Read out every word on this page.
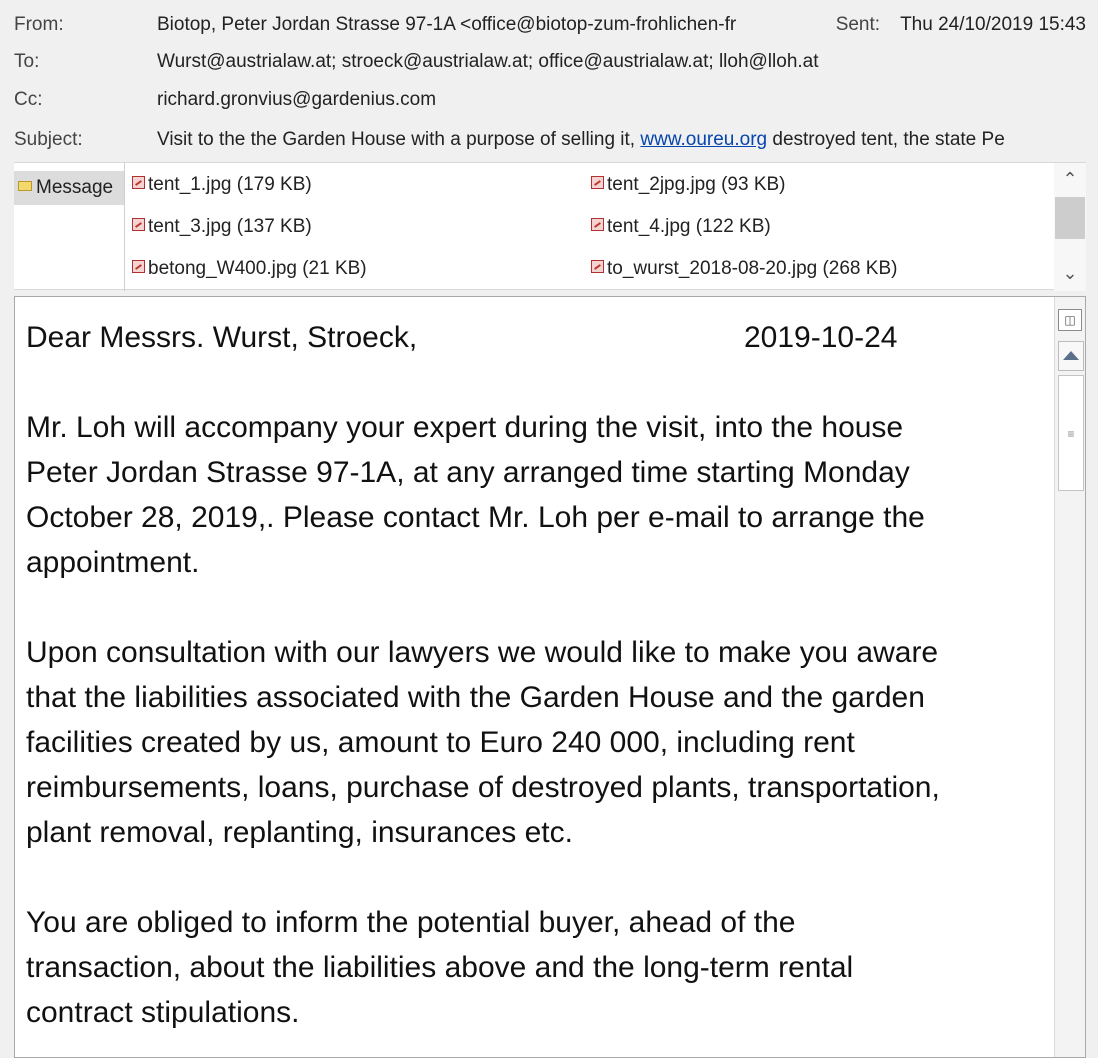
From:	Biotop, Peter Jordan Strasse 97-1A <office@biotop-zum-frohlichen-fr	Sent: Thu 24/10/2019 15:43
To:	Wurst@austrialaw.at; stroeck@austrialaw.at; office@austrialaw.at; lloh@lloh.at
Cc:	richard.gronvius@gardenius.com
Subject:	Visit to the the Garden House with a purpose of selling it, www.oureu.org destroyed tent, the state Pe
Message	tent_1.jpg (179 KB)	tent_2jpg.jpg (93 KB)
tent_3.jpg (137 KB)	tent_4.jpg (122 KB)
betong_W400.jpg (21 KB)	to_wurst_2018-08-20.jpg (268 KB)
⌃
⌄

Dear Messrs. Wurst, Stroeck,	2019-10-24

Mr. Loh will accompany your expert during the visit, into the house

Peter Jordan Strasse 97-1A, at any arranged time starting Monday

October 28, 2019,. Please contact Mr. Loh per e-mail to arrange the

appointment.

Upon consultation with our lawyers we would like to make you aware

that the liabilities associated with the Garden House and the garden

facilities created by us, amount to Euro 240 000, including rent

reimbursements, loans, purchase of destroyed plants, transportation,

plant removal, replanting, insurances etc.

You are obliged to inform the potential buyer, ahead of the

transaction, about the liabilities above and the long-term rental

contract stipulations.

◫
≡
